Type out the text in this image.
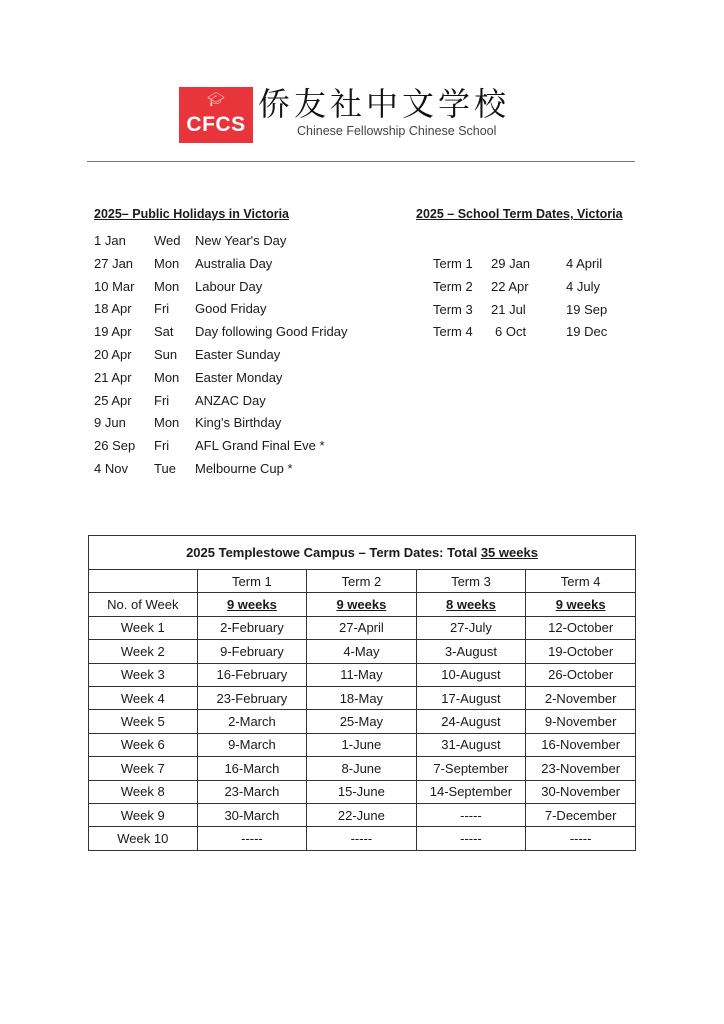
🎓︎
CFCS
侨友社中文学校
Chinese Fellowship Chinese School
2025– Public Holidays in Victoria
1 Jan Wed New Year's Day
27 Jan Mon Australia Day
10 Mar Mon Labour Day
18 Apr Fri Good Friday
19 Apr Sat Day following Good Friday
20 Apr Sun Easter Sunday
21 Apr Mon Easter Monday
25 Apr Fri ANZAC Day
9 Jun Mon King's Birthday
26 Sep Fri AFL Grand Final Eve *
4 Nov Tue Melbourne Cup *
2025 – School Term Dates, Victoria
Term 1 29 Jan	4 April
Term 2 22 Apr	4 July
Term 3 21 Jul	19 Sep
Term 4 6 Oct	19 Dec
2025 Templestowe Campus – Term Dates: Total 35 weeks				
	Term 1	Term 2	Term 3	Term 4
No. of Week	9 weeks	9 weeks	8 weeks	9 weeks
Week 1	2-February	27-April	27-July	12-October
Week 2	9-February	4-May	3-August	19-October
Week 3	16-February	11-May	10-August	26-October
Week 4	23-February	18-May	17-August	2-November
Week 5	2-March	25-May	24-August	9-November
Week 6	9-March	1-June	31-August	16-November
Week 7	16-March	8-June	7-September	23-November
Week 8	23-March	15-June	14-September	30-November
Week 9	30-March	22-June	-----	7-December
Week 10	-----	-----	-----	-----
